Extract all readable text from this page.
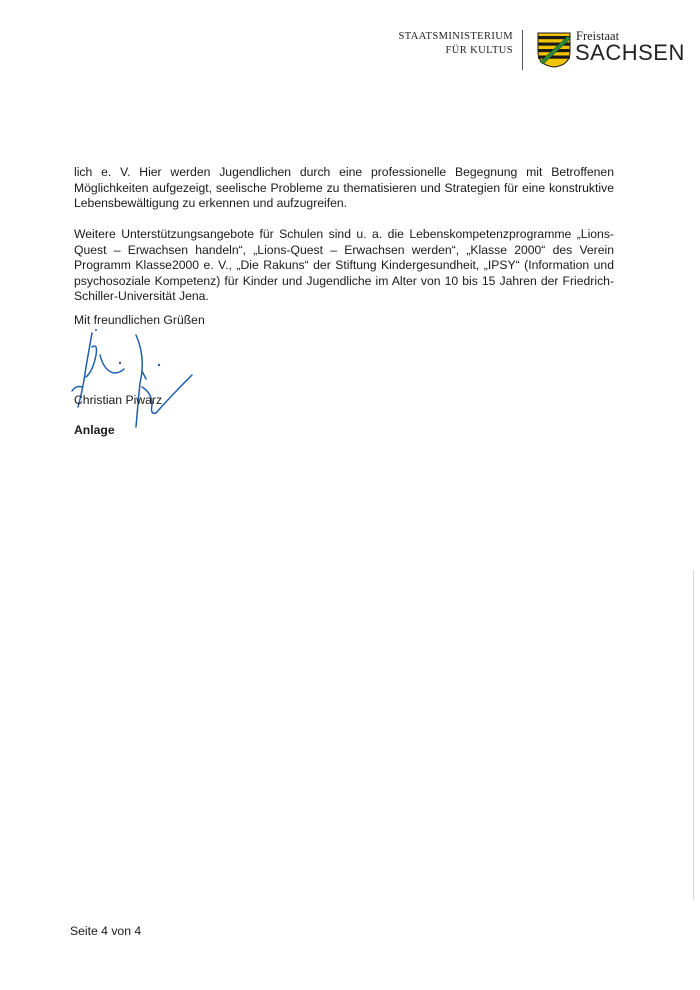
STAATSMINISTERIUM
FÜR KULTUS
Freistaat
SACHSEN

lich e. V. Hier werden Jugendlichen durch eine professionelle Begegnung mit Betroffenen Möglichkeiten aufgezeigt, seelische Probleme zu thematisieren und Strategien für eine konstruktive Lebensbewältigung zu erkennen und aufzugreifen.

Weitere Unterstützungsangebote für Schulen sind u. a. die Lebenskompetenzprogramme „Lions-Quest – Erwachsen handeln“, „Lions-Quest – Erwachsen werden“, „Klasse 2000“ des Verein Programm Klasse2000 e. V., „Die Rakuns“ der Stiftung Kindergesundheit, „IPSY“ (Information und psychosoziale Kompetenz) für Kinder und Jugendliche im Alter von 10 bis 15 Jahren der Friedrich-Schiller-Universität Jena.

Mit freundlichen Grüßen

Christian Piwarz

Anlage

Seite 4 von 4
